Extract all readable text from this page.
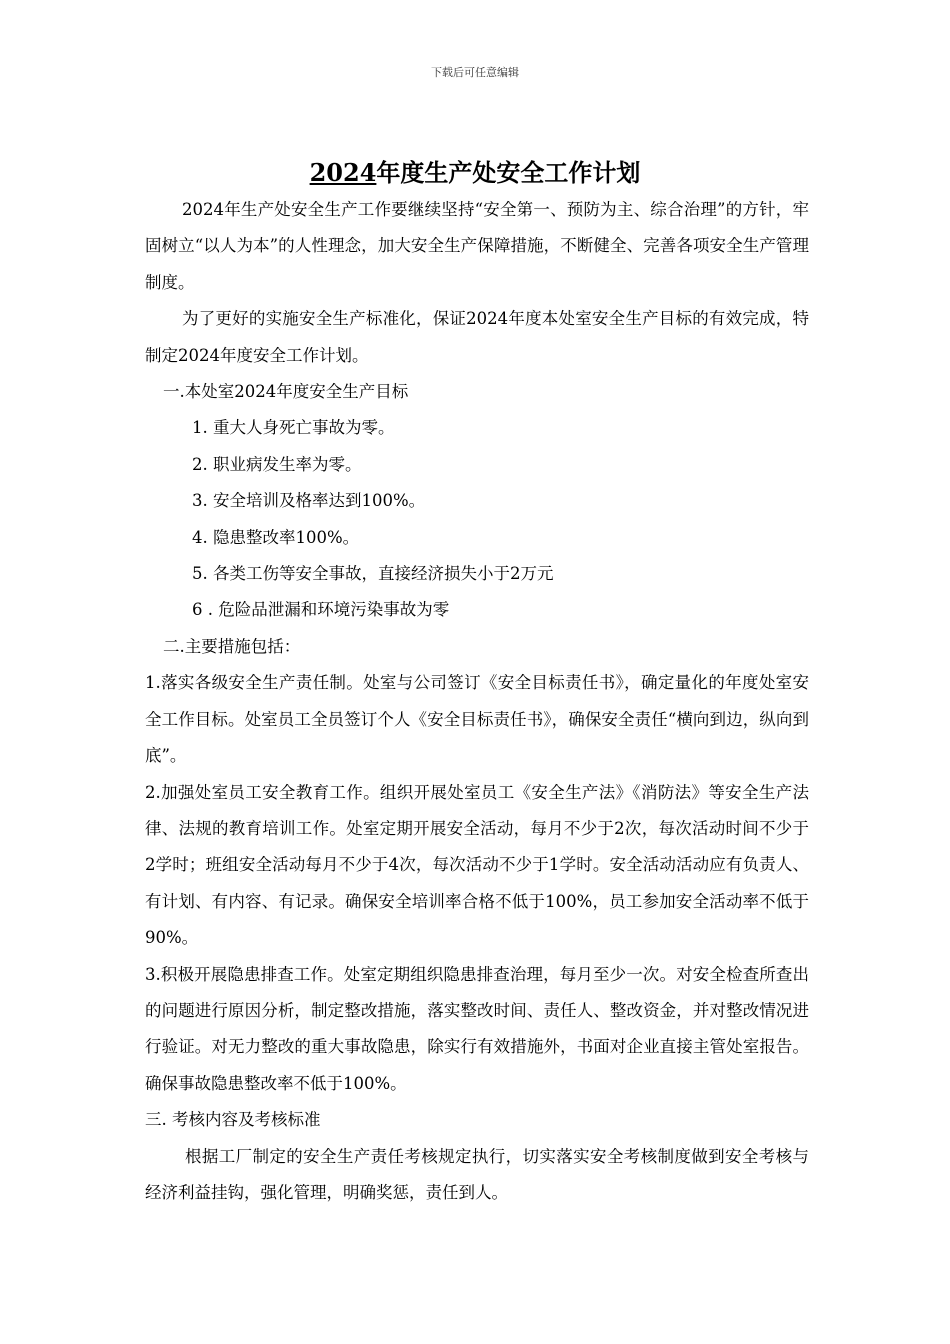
下载后可任意编辑
2024年度生产处安全工作计划

2024年生产处安全生产工作要继续坚持“安全第一、预防为主、综合治理”的方针，牢固树立“以人为本”的人性理念，加大安全生产保障措施，不断健全、完善各项安全生产管理制度。

为了更好的实施安全生产标准化，保证2024年度本处室安全生产目标的有效完成，特制定2024年度安全工作计划。

一.本处室2024年度安全生产目标

1. 重大人身死亡事故为零。

2. 职业病发生率为零。

3. 安全培训及格率达到100%。

4. 隐患整改率100%。

5. 各类工伤等安全事故，直接经济损失小于2万元

6 . 危险品泄漏和环境污染事故为零

二.主要措施包括：

1.落实各级安全生产责任制。处室与公司签订《安全目标责任书》，确定量化的年度处室安全工作目标。处室员工全员签订个人《安全目标责任书》，确保安全责任“横向到边，纵向到底”。

2.加强处室员工安全教育工作。组织开展处室员工《安全生产法》《消防法》等安全生产法律、法规的教育培训工作。处室定期开展安全活动，每月不少于2次，每次活动时间不少于2学时；班组安全活动每月不少于4次，每次活动不少于1学时。安全活动活动应有负责人、有计划、有内容、有记录。确保安全培训率合格不低于100%，员工参加安全活动率不低于90%。

3.积极开展隐患排查工作。处室定期组织隐患排查治理，每月至少一次。对安全检查所查出的问题进行原因分析，制定整改措施，落实整改时间、责任人、整改资金，并对整改情况进行验证。对无力整改的重大事故隐患，除实行有效措施外，书面对企业直接主管处室报告。确保事故隐患整改率不低于100%。

三. 考核内容及考核标准

根据工厂制定的安全生产责任考核规定执行，切实落实安全考核制度做到安全考核与经济利益挂钩，强化管理，明确奖惩，责任到人。
